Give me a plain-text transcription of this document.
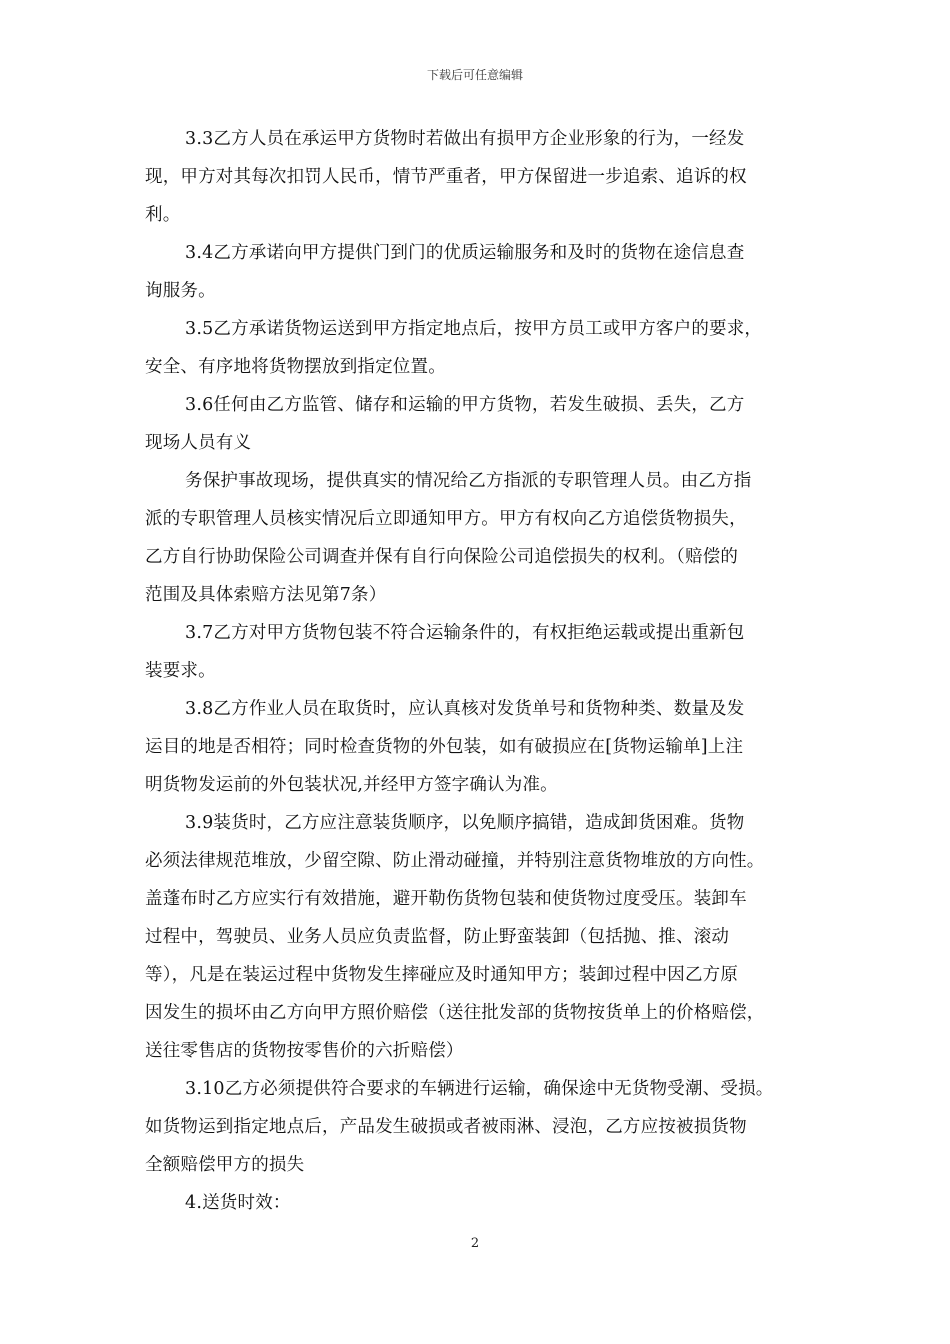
下载后可任意编辑
3.3乙方人员在承运甲方货物时若做出有损甲方企业形象的行为，一经发
现，甲方对其每次扣罚人民币，情节严重者，甲方保留进一步追索、追诉的权
利。
3.4乙方承诺向甲方提供门到门的优质运输服务和及时的货物在途信息查
询服务。
3.5乙方承诺货物运送到甲方指定地点后，按甲方员工或甲方客户的要求，
安全、有序地将货物摆放到指定位置。
3.6任何由乙方监管、储存和运输的甲方货物，若发生破损、丢失，乙方
现场人员有义
务保护事故现场，提供真实的情况给乙方指派的专职管理人员。由乙方指
派的专职管理人员核实情况后立即通知甲方。甲方有权向乙方追偿货物损失，
乙方自行协助保险公司调查并保有自行向保险公司追偿损失的权利。（赔偿的
范围及具体索赔方法见第7条）
3.7乙方对甲方货物包装不符合运输条件的，有权拒绝运载或提出重新包
装要求。
3.8乙方作业人员在取货时，应认真核对发货单号和货物种类、数量及发
运目的地是否相符；同时检查货物的外包装，如有破损应在[货物运输单]上注
明货物发运前的外包装状况,并经甲方签字确认为准。
3.9装货时，乙方应注意装货顺序，以免顺序搞错，造成卸货困难。货物
必须法律规范堆放，少留空隙、防止滑动碰撞，并特别注意货物堆放的方向性。
盖蓬布时乙方应实行有效措施，避开勒伤货物包装和使货物过度受压。装卸车
过程中，驾驶员、业务人员应负责监督，防止野蛮装卸（包括抛、推、滚动
等），凡是在装运过程中货物发生摔碰应及时通知甲方；装卸过程中因乙方原
因发生的损坏由乙方向甲方照价赔偿（送往批发部的货物按货单上的价格赔偿，
送往零售店的货物按零售价的六折赔偿）
3.10乙方必须提供符合要求的车辆进行运输，确保途中无货物受潮、受损。
如货物运到指定地点后，产品发生破损或者被雨淋、浸泡，乙方应按被损货物
全额赔偿甲方的损失
4.送货时效：
2
